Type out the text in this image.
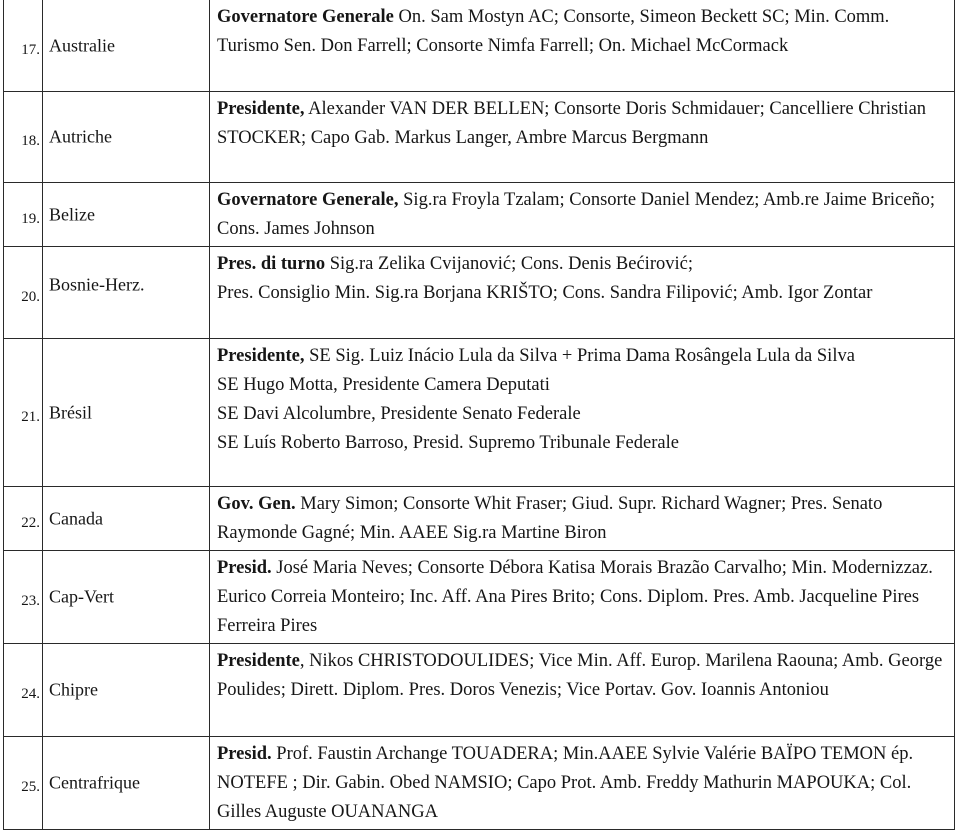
17.	Australie	Governatore Generale On. Sam Mostyn AC; Consorte, Simeon Beckett SC; Min. Comm. Turismo Sen. Don Farrell; Consorte Nimfa Farrell; On. Michael McCormack

18.	Autriche	Presidente, Alexander VAN DER BELLEN; Consorte Doris Schmidauer; Cancelliere Christian STOCKER; Capo Gab. Markus Langer, Ambre Marcus Bergmann

19.	Belize	Governatore Generale, Sig.ra Froyla Tzalam; Consorte Daniel Mendez; Amb.re Jaime Briceño; Cons. James Johnson

20.	Bosnie-Herz.	Pres. di turno Sig.ra Zelika Cvijanović; Cons. Denis Bećirović;

Pres. Consiglio Min. Sig.ra Borjana KRIŠTO; Cons. Sandra Filipović; Amb. Igor Zontar

21.	Brésil	Presidente, SE Sig. Luiz Inácio Lula da Silva + Prima Dama Rosângela Lula da Silva

SE Hugo Motta, Presidente Camera Deputati

SE Davi Alcolumbre, Presidente Senato Federale

SE Luís Roberto Barroso, Presid. Supremo Tribunale Federale

22.	Canada	Gov. Gen. Mary Simon; Consorte Whit Fraser; Giud. Supr. Richard Wagner; Pres. Senato Raymonde Gagné; Min. AAEE Sig.ra Martine Biron

23.	Cap-Vert	Presid. José Maria Neves; Consorte Débora Katisa Morais Brazão Carvalho; Min. Modernizzaz. Eurico Correia Monteiro; Inc. Aff. Ana Pires Brito; Cons. Diplom. Pres. Amb. Jacqueline Pires Ferreira Pires

24.	Chipre	Presidente, Nikos CHRISTODOULIDES; Vice Min. Aff. Europ. Marilena Raouna; Amb. George Poulides; Dirett. Diplom. Pres. Doros Venezis; Vice Portav. Gov. Ioannis Antoniou

25.	Centrafrique	Presid. Prof. Faustin Archange TOUADERA; Min.AAEE Sylvie Valérie BAÏPO TEMON ép. NOTEFE ; Dir. Gabin. Obed NAMSIO; Capo Prot. Amb. Freddy Mathurin MAPOUKA; Col. Gilles Auguste OUANANGA
